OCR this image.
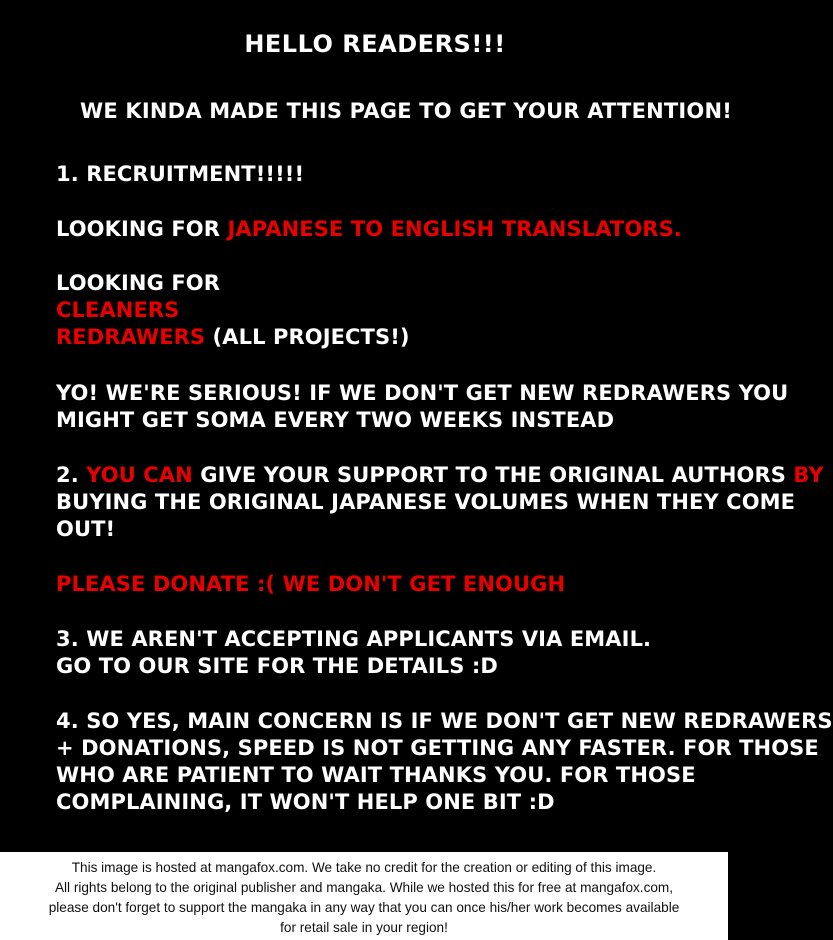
HELLO READERS!!!
WE KINDA MADE THIS PAGE TO GET YOUR ATTENTION!
1. RECRUITMENT!!!!!
LOOKING FOR JAPANESE TO ENGLISH TRANSLATORS.
LOOKING FOR
CLEANERS
REDRAWERS (ALL PROJECTS!)
YO! WE'RE SERIOUS! IF WE DON'T GET NEW REDRAWERS YOU
MIGHT GET SOMA EVERY TWO WEEKS INSTEAD
2. YOU CAN GIVE YOUR SUPPORT TO THE ORIGINAL AUTHORS BY
BUYING THE ORIGINAL JAPANESE VOLUMES WHEN THEY COME
OUT!
PLEASE DONATE :( WE DON'T GET ENOUGH
3. WE AREN'T ACCEPTING APPLICANTS VIA EMAIL.
GO TO OUR SITE FOR THE DETAILS :D
4. SO YES, MAIN CONCERN IS IF WE DON'T GET NEW REDRAWERS
+ DONATIONS, SPEED IS NOT GETTING ANY FASTER. FOR THOSE
WHO ARE PATIENT TO WAIT THANKS YOU. FOR THOSE
COMPLAINING, IT WON'T HELP ONE BIT :D
This image is hosted at mangafox.com. We take no credit for the creation or editing of this image.
All rights belong to the original publisher and mangaka. While we hosted this for free at mangafox.com,
please don't forget to support the mangaka in any way that you can once his/her work becomes available
for retail sale in your region!
